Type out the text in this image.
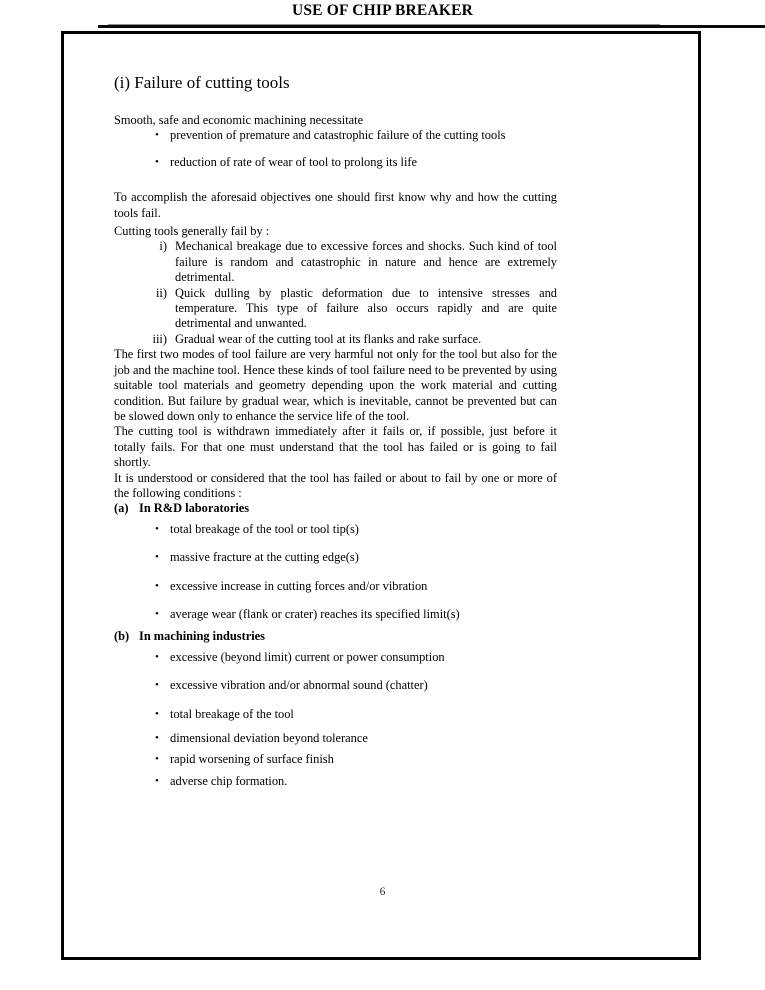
USE OF CHIP BREAKER
(i) Failure of cutting tools

Smooth, safe and economic machining necessitate

• prevention of premature and catastrophic failure of the cutting tools
• reduction of rate of wear of tool to prolong its life

To accomplish the aforesaid objectives one should first know why and how the cutting tools fail.

Cutting tools generally fail by :

i) Mechanical breakage due to excessive forces and shocks. Such kind of tool failure is random and catastrophic in nature and hence are extremely detrimental.
ii) Quick dulling by plastic deformation due to intensive stresses and temperature. This type of failure also occurs rapidly and are quite detrimental and unwanted.
iii) Gradual wear of the cutting tool at its flanks and rake surface.

The first two modes of tool failure are very harmful not only for the tool but also for the job and the machine tool. Hence these kinds of tool failure need to be prevented by using suitable tool materials and geometry depending upon the work material and cutting condition. But failure by gradual wear, which is inevitable, cannot be prevented but can be slowed down only to enhance the service life of the tool.

The cutting tool is withdrawn immediately after it fails or, if possible, just before it totally fails. For that one must understand that the tool has failed or is going to fail shortly.

It is understood or considered that the tool has failed or about to fail by one or more of the following conditions :

(a) In R&D laboratories

• total breakage of the tool or tool tip(s)
• massive fracture at the cutting edge(s)
• excessive increase in cutting forces and/or vibration
• average wear (flank or crater) reaches its specified limit(s)

(b) In machining industries

• excessive (beyond limit) current or power consumption
• excessive vibration and/or abnormal sound (chatter)
• total breakage of the tool
• dimensional deviation beyond tolerance
• rapid worsening of surface finish
• adverse chip formation.
6
